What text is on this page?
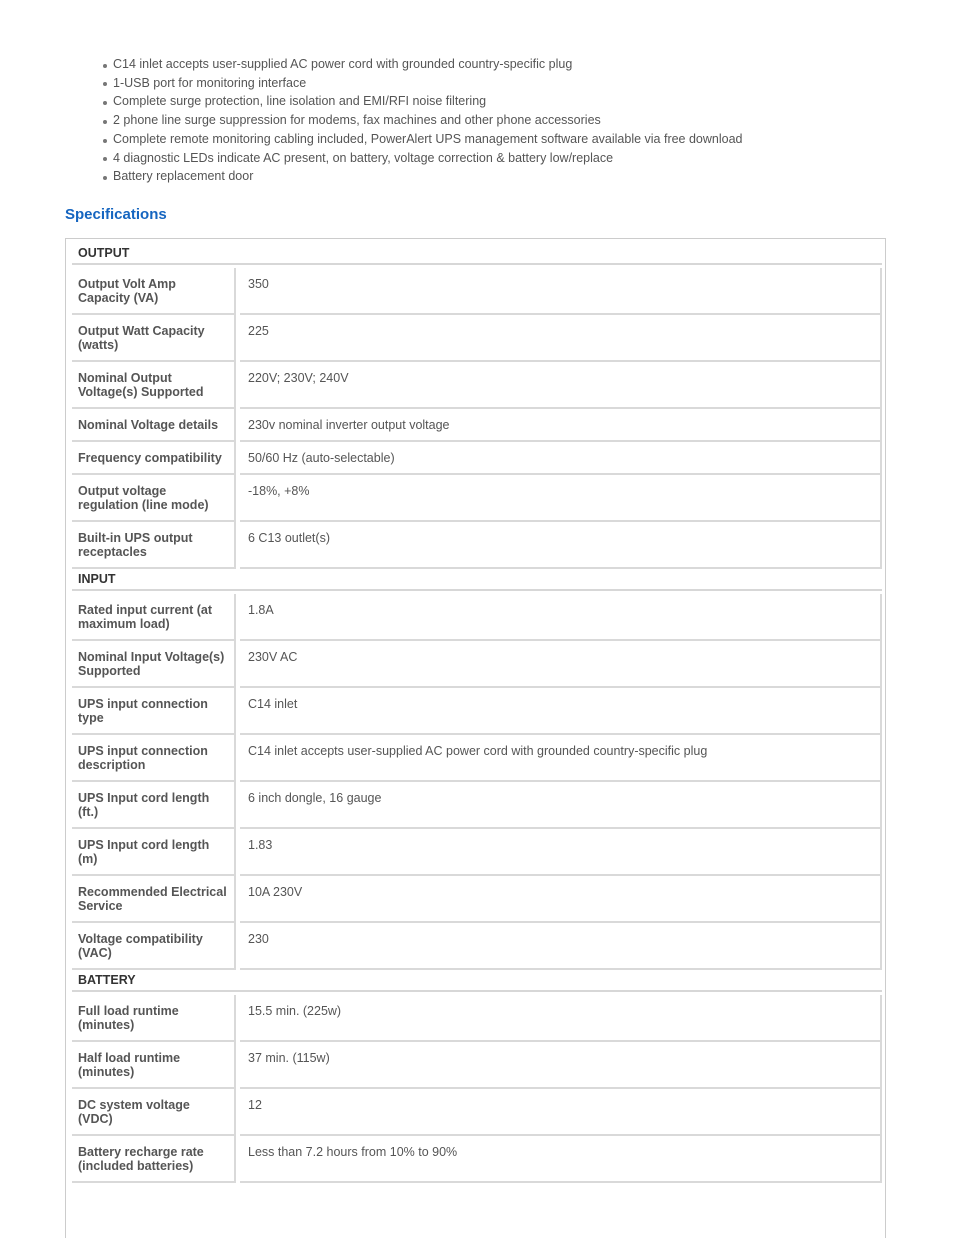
C14 inlet accepts user-supplied AC power cord with grounded country-specific plug
1-USB port for monitoring interface
Complete surge protection, line isolation and EMI/RFI noise filtering
2 phone line surge suppression for modems, fax machines and other phone accessories
Complete remote monitoring cabling included, PowerAlert UPS management software available via free download
4 diagnostic LEDs indicate AC present, on battery, voltage correction & battery low/replace
Battery replacement door
Specifications
OUTPUT		

Output Volt Amp Capacity (VA)		350
Output Watt Capacity (watts)		225
Nominal Output Voltage(s) Supported		220V; 230V; 240V
Nominal Voltage details		230v nominal inverter output voltage
Frequency compatibility		50/60 Hz (auto-selectable)
Output voltage regulation (line mode)		-18%, +8%
Built-in UPS output receptacles		6 C13 outlet(s)
INPUT		

Rated input current (at maximum load)		1.8A
Nominal Input Voltage(s) Supported		230V AC
UPS input connection type		C14 inlet
UPS input connection description		C14 inlet accepts user-supplied AC power cord with grounded country-specific plug
UPS Input cord length (ft.)		6 inch dongle, 16 gauge
UPS Input cord length (m)		1.83
Recommended Electrical Service		10A 230V
Voltage compatibility (VAC)		230
BATTERY		

Full load runtime (minutes)		15.5 min. (225w)
Half load runtime (minutes)		37 min. (115w)
DC system voltage (VDC)		12
Battery recharge rate (included batteries)		Less than 7.2 hours from 10% to 90%
